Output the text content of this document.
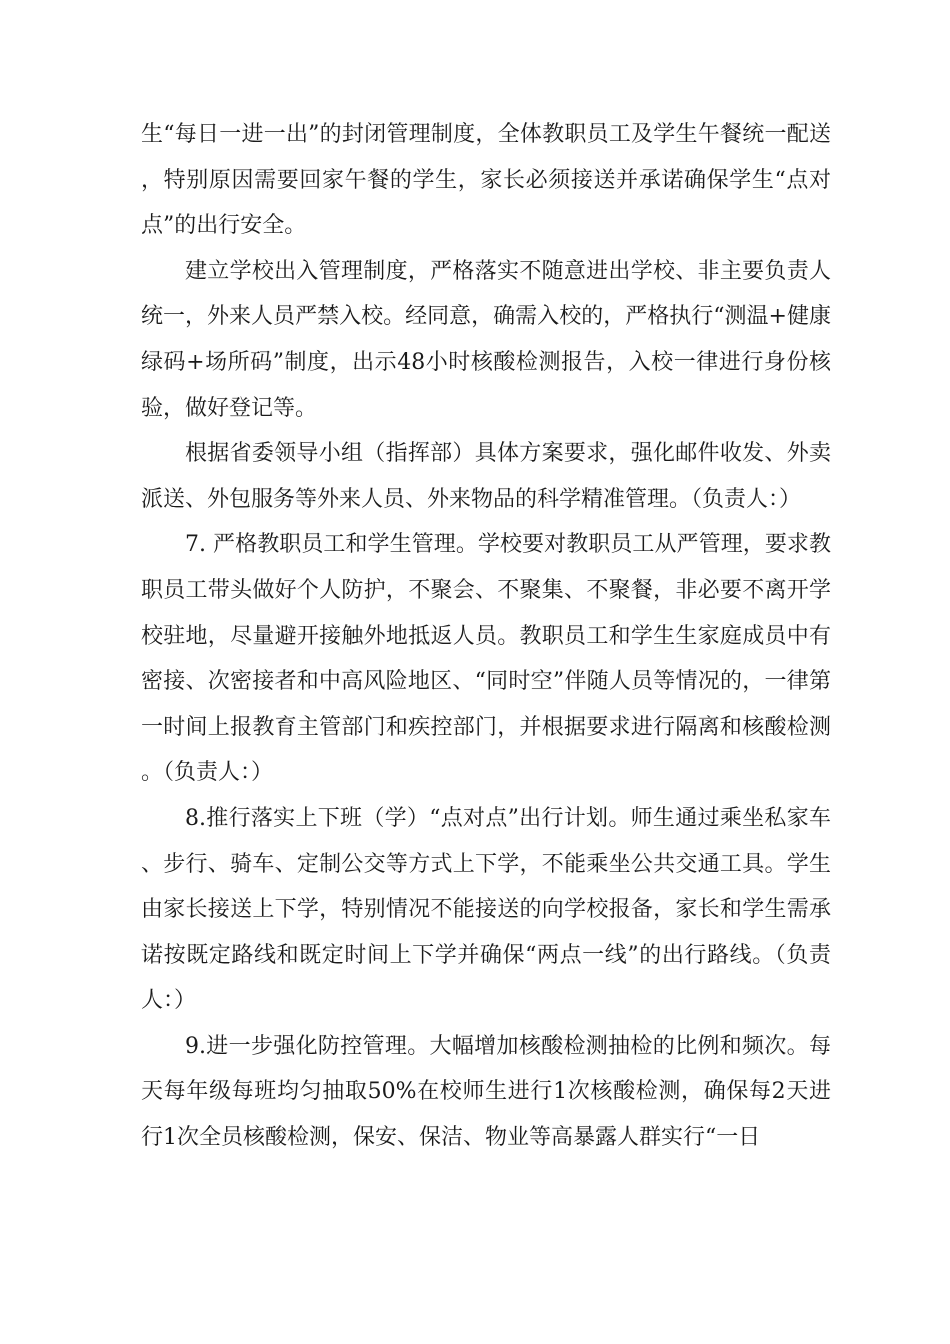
生“每日一进一出”的封闭管理制度，全体教职员工及学生午餐统一配送，特别原因需要回家午餐的学生，家长必须接送并承诺确保学生“点对点”的出行安全。

建立学校出入管理制度，严格落实不随意进出学校、非主要负责人统一，外来人员严禁入校。经同意，确需入校的，严格执行“测温+健康绿码+场所码”制度，出示48小时核酸检测报告，入校一律进行身份核验，做好登记等。

根据省委领导小组（指挥部）具体方案要求，强化邮件收发、外卖派送、外包服务等外来人员、外来物品的科学精准管理。（负责人：）

7. 严格教职员工和学生管理。学校要对教职员工从严管理，要求教职员工带头做好个人防护，不聚会、不聚集、不聚餐，非必要不离开学校驻地，尽量避开接触外地抵返人员。教职员工和学生生家庭成员中有密接、次密接者和中高风险地区、“同时空”伴随人员等情况的，一律第一时间上报教育主管部门和疾控部门，并根据要求进行隔离和核酸检测。（负责人：）

8.推行落实上下班（学）“点对点”出行计划。师生通过乘坐私家车、步行、骑车、定制公交等方式上下学，不能乘坐公共交通工具。学生由家长接送上下学，特别情况不能接送的向学校报备，家长和学生需承诺按既定路线和既定时间上下学并确保“两点一线”的出行路线。（负责人：）

9.进一步强化防控管理。大幅增加核酸检测抽检的比例和频次。每天每年级每班均匀抽取50%在校师生进行1次核酸检测，确保每2天进行1次全员核酸检测，保安、保洁、物业等高暴露人群实行“一日
